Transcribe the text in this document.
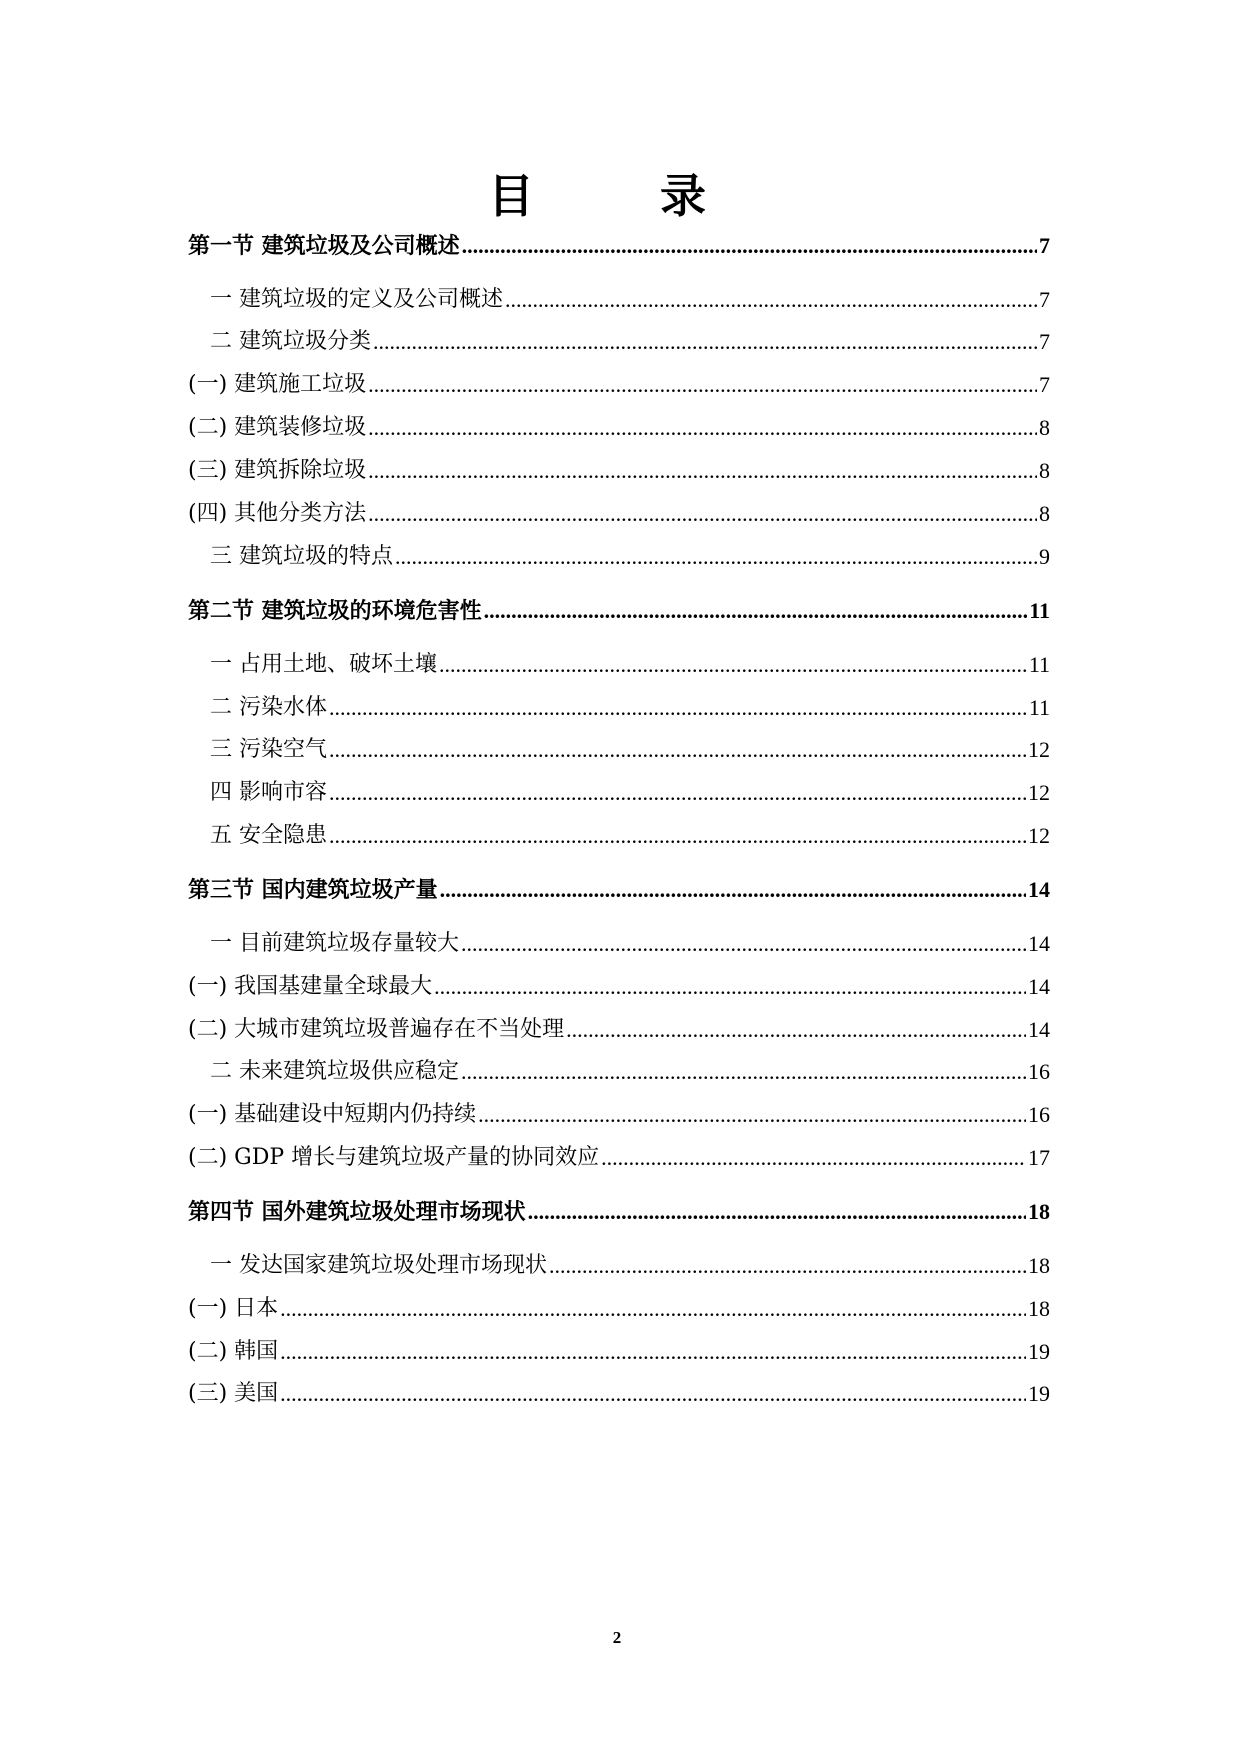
目　录
第一节 建筑垃圾及公司概述 .....	7
一 建筑垃圾的定义及公司概述 .....	7
二 建筑垃圾分类 .....	7
(一) 建筑施工垃圾 .....	7
(二) 建筑装修垃圾 .....	8
(三) 建筑拆除垃圾 .....	8
(四) 其他分类方法 .....	8
三 建筑垃圾的特点 .....	9
第二节 建筑垃圾的环境危害性 .....	11
一 占用土地、破坏土壤 .....	11
二 污染水体 .....	11
三 污染空气 .....	12
四 影响市容 .....	12
五 安全隐患 .....	12
第三节 国内建筑垃圾产量 .....	14
一 目前建筑垃圾存量较大 .....	14
(一) 我国基建量全球最大 .....	14
(二) 大城市建筑垃圾普遍存在不当处理 .....	14
二 未来建筑垃圾供应稳定 .....	16
(一) 基础建设中短期内仍持续 .....	16
(二) GDP 增长与建筑垃圾产量的协同效应 .....	17
第四节 国外建筑垃圾处理市场现状 .....	18
一 发达国家建筑垃圾处理市场现状 .....	18
(一) 日本 .....	18
(二) 韩国 .....	19
(三) 美国 .....	19
2
